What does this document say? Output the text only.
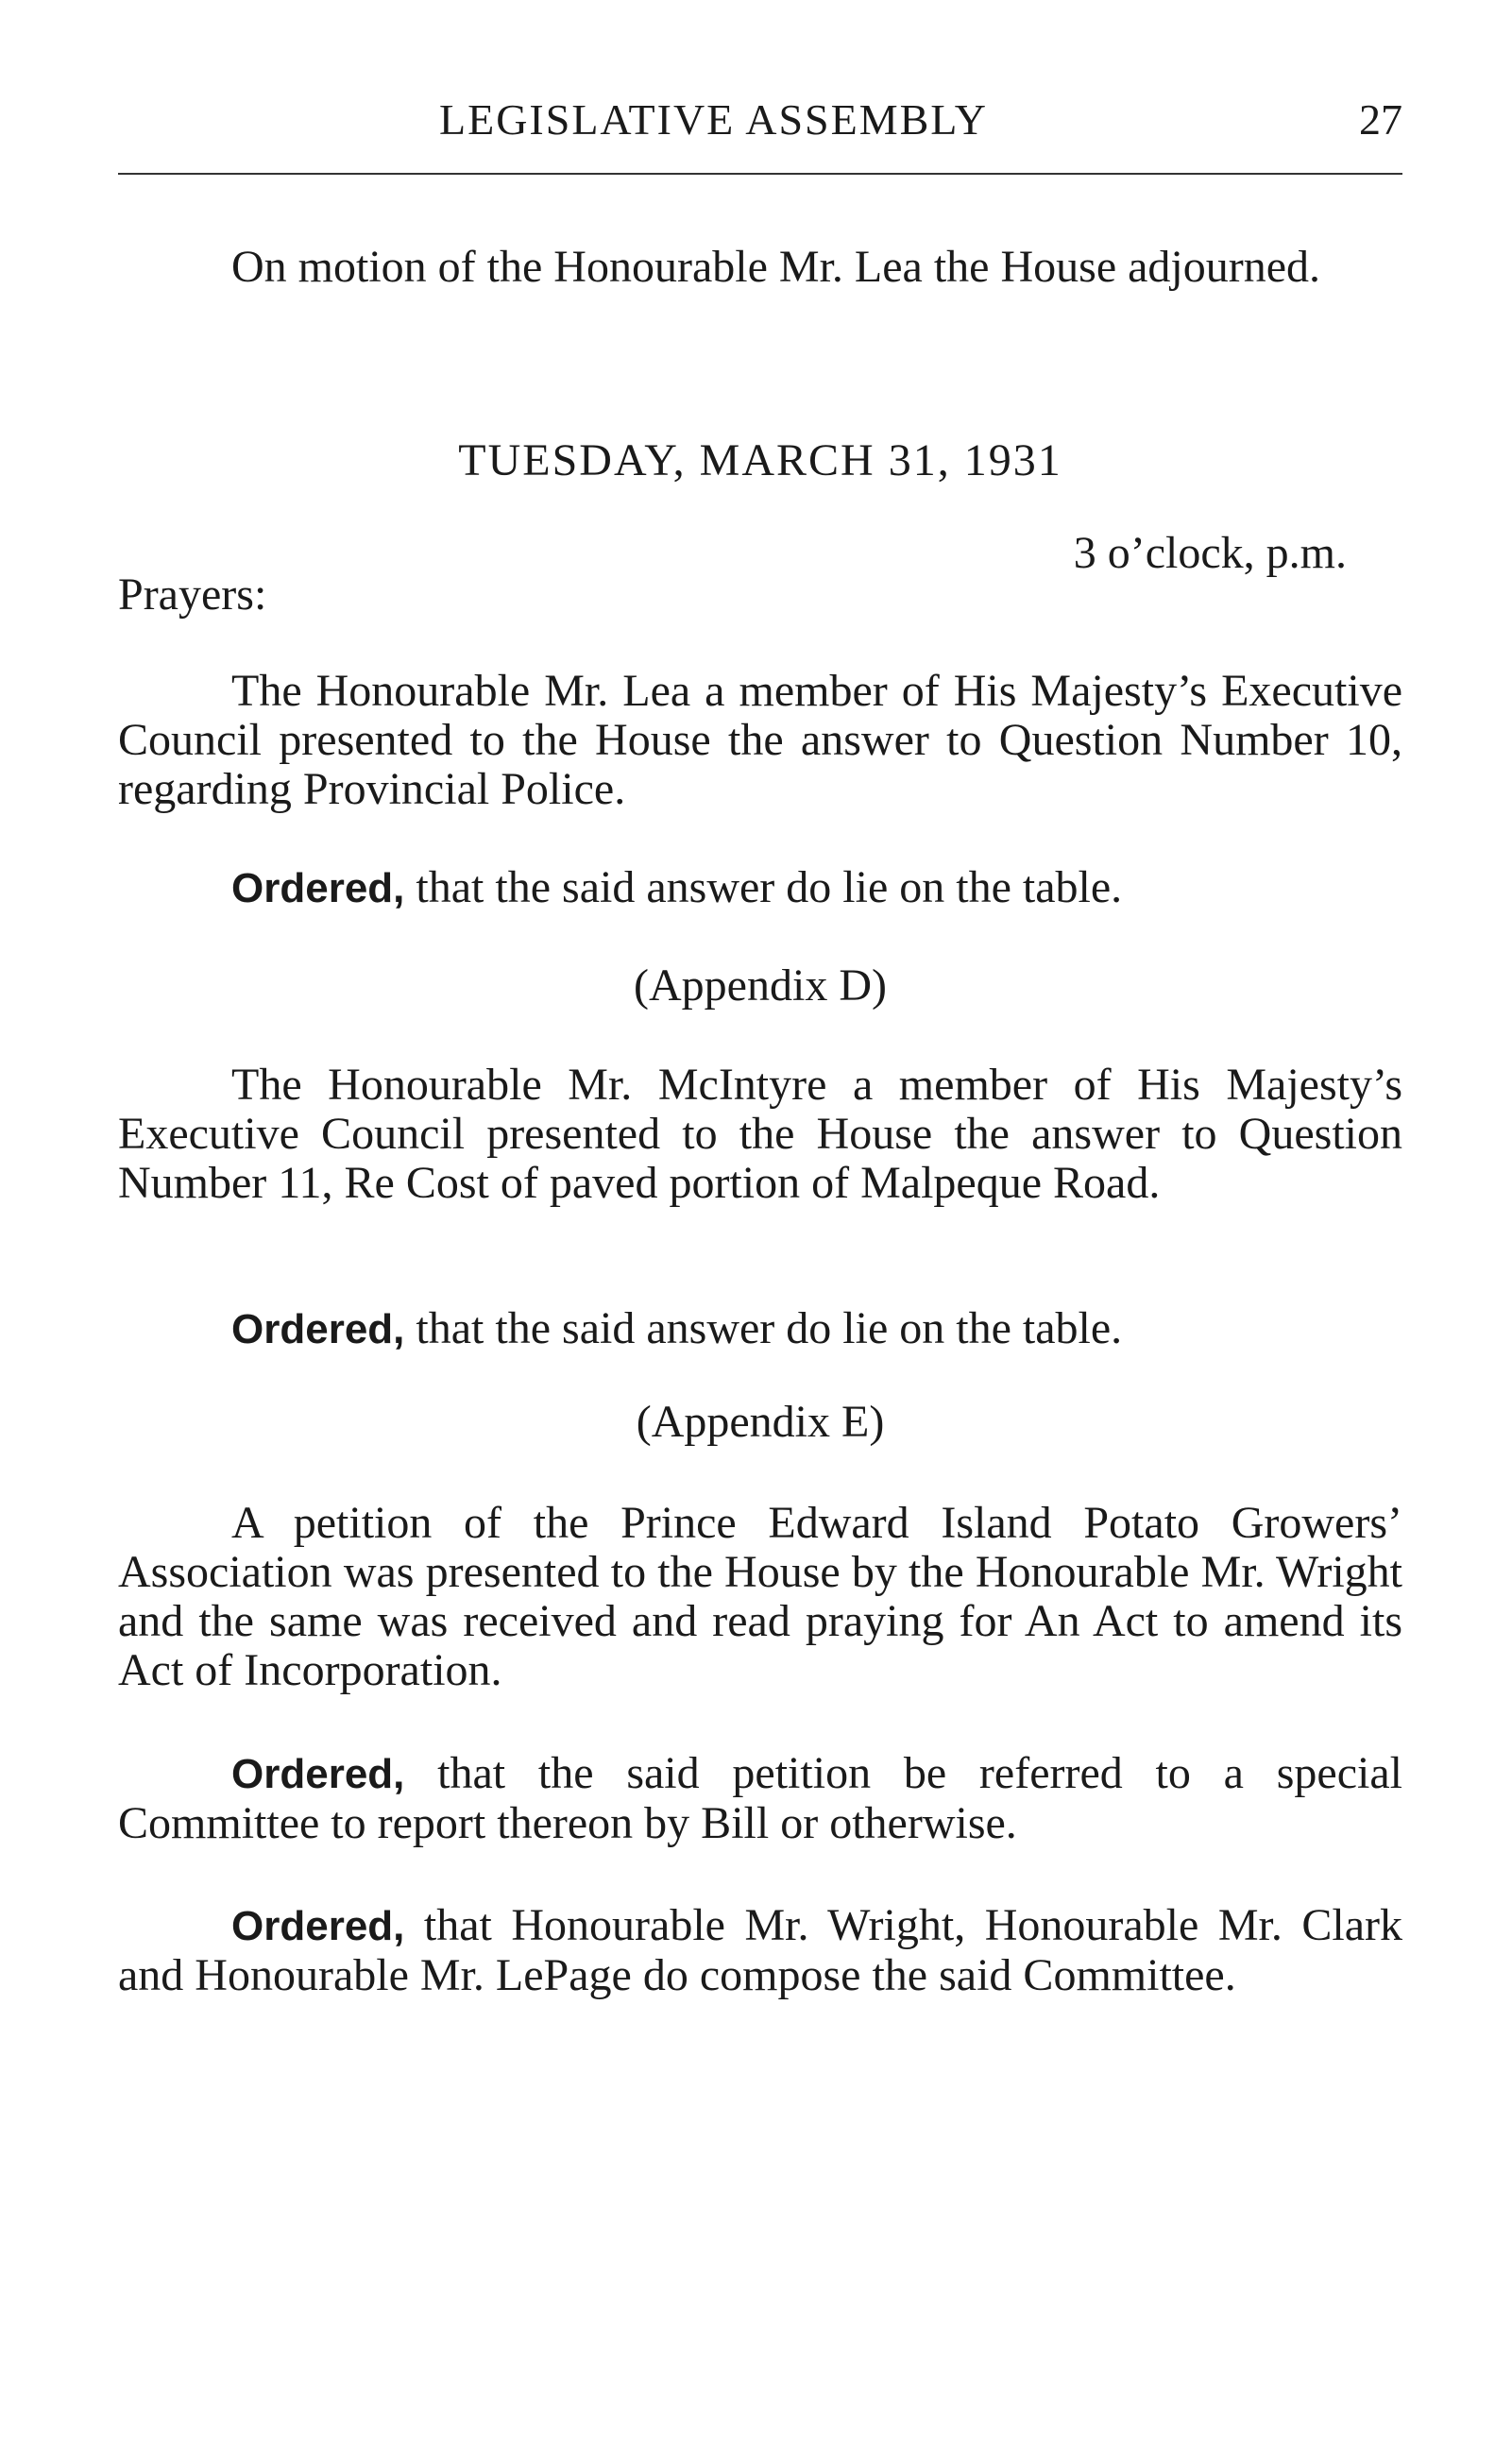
LEGISLATIVE ASSEMBLY	27

On motion of the Honourable Mr. Lea the House adjourned.

TUESDAY, MARCH 31, 1931
3 o’clock, p.m.
Prayers:

The Honourable Mr. Lea a member of His Majesty’s Executive Council presented to the House the answer to Question Number 10, regarding Provincial Police.

Ordered, that the said answer do lie on the table.

(Appendix D)

The Honourable Mr. McIntyre a member of His Majesty’s Executive Council presented to the House the answer to Question Number 11, Re Cost of paved portion of Malpeque Road.

Ordered, that the said answer do lie on the table.

(Appendix E)

A petition of the Prince Edward Island Potato Growers’ Association was presented to the House by the Honourable Mr. Wright and the same was received and read praying for An Act to amend its Act of Incorporation.

Ordered, that the said petition be referred to a special Committee to report thereon by Bill or otherwise.

Ordered, that Honourable Mr. Wright, Honourable Mr. Clark and Honourable Mr. LePage do compose the said Committee.
